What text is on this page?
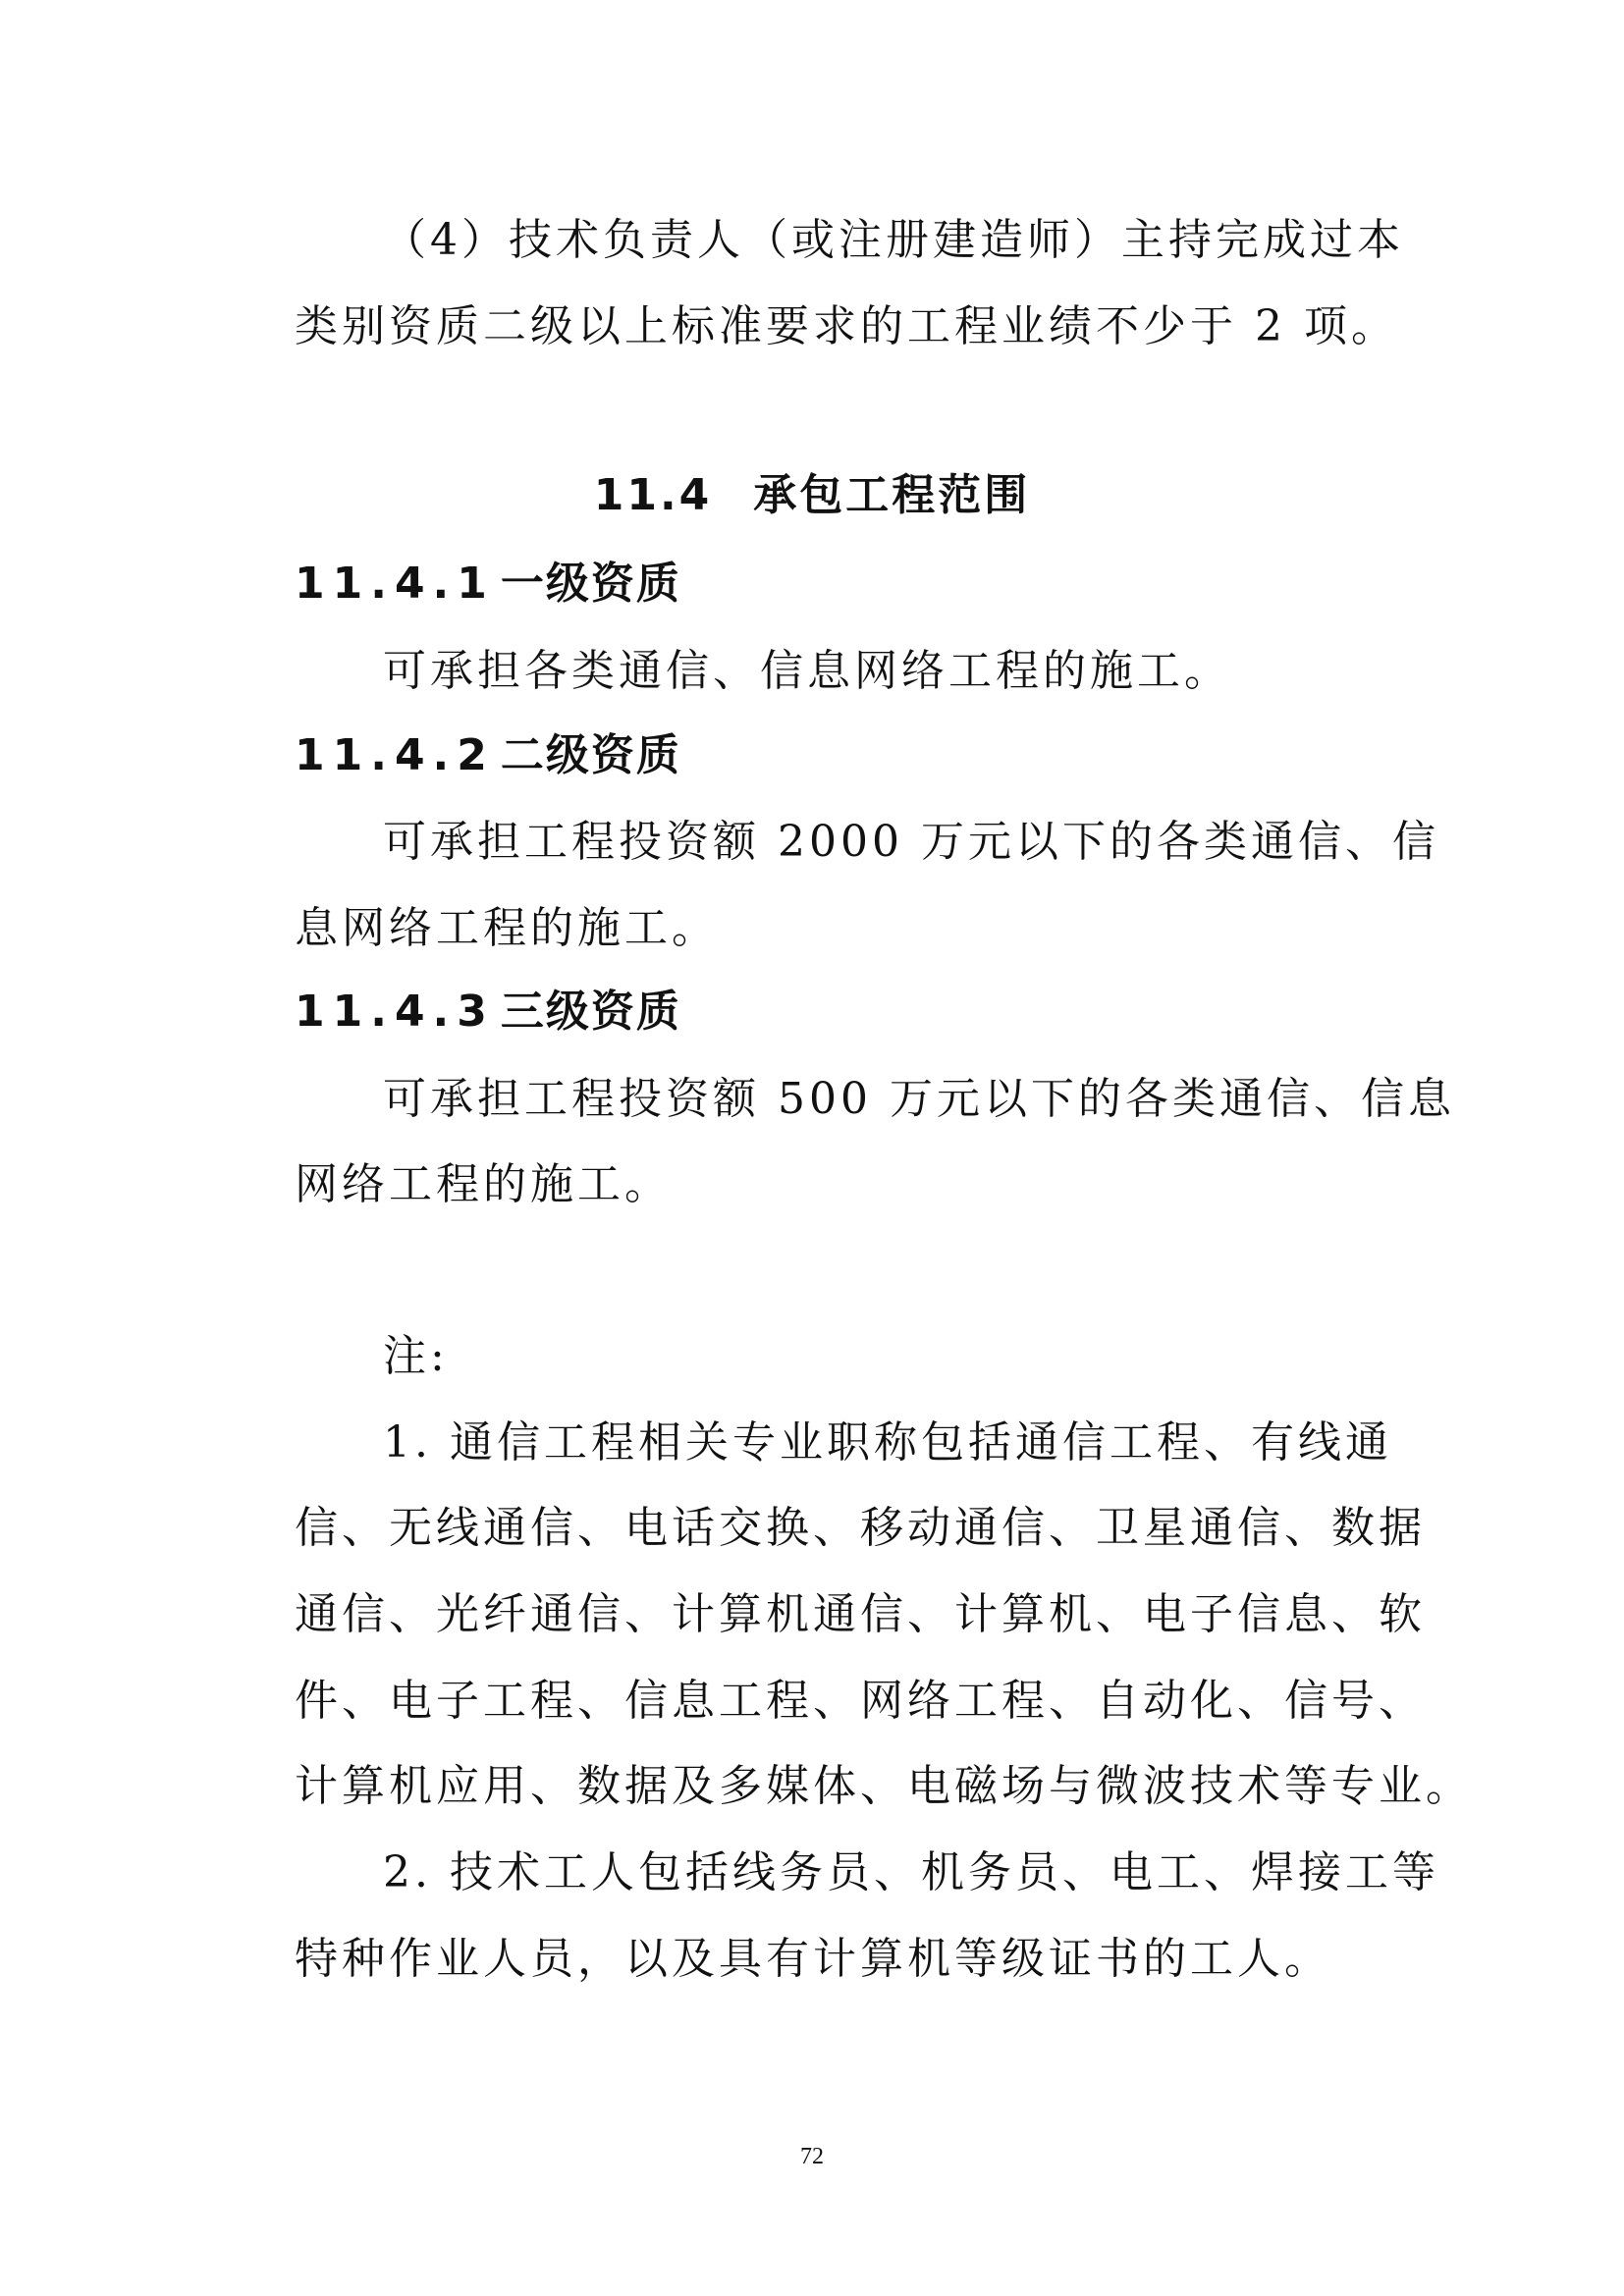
（4）技术负责人（或注册建造师）主持完成过本
类别资质二级以上标准要求的工程业绩不少于 2 项。
11.4 承包工程范围
11.4.1 一级资质
可承担各类通信、信息网络工程的施工。
11.4.2 二级资质
可承担工程投资额 2000 万元以下的各类通信、信
息网络工程的施工。
11.4.3 三级资质
可承担工程投资额 500 万元以下的各类通信、信息
网络工程的施工。
注:
1. 通信工程相关专业职称包括通信工程、有线通
信、无线通信、电话交换、移动通信、卫星通信、数据
通信、光纤通信、计算机通信、计算机、电子信息、软
件、电子工程、信息工程、网络工程、自动化、信号、
计算机应用、数据及多媒体、电磁场与微波技术等专业。
2. 技术工人包括线务员、机务员、电工、焊接工等
特种作业人员，以及具有计算机等级证书的工人。
72
